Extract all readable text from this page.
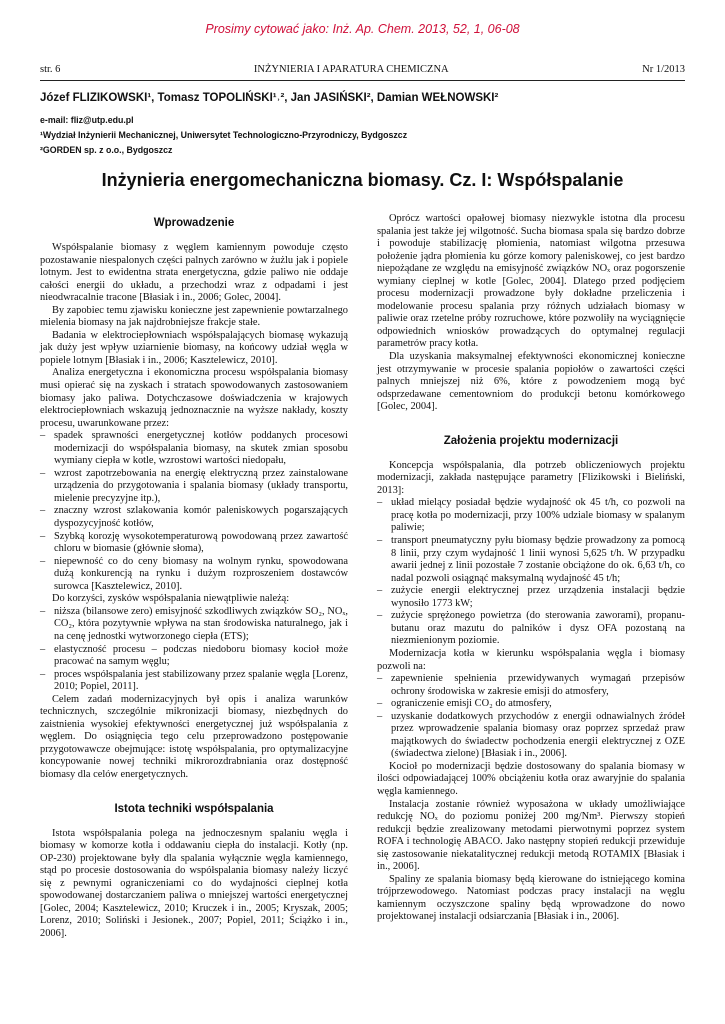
Prosimy cytować jako: Inż. Ap. Chem. 2013, 52, 1, 06-08
str. 6	INŻYNIERIA I APARATURA CHEMICZNA	Nr 1/2013
Józef FLIZIKOWSKI¹, Tomasz TOPOLIŃSKI¹˒², Jan JASIŃSKI², Damian WEŁNOWSKI²
e-mail: fliz@utp.edu.pl
¹Wydział Inżynierii Mechanicznej, Uniwersytet Technologiczno-Przyrodniczy, Bydgoszcz
²GORDEN sp. z o.o., Bydgoszcz
Inżynieria energomechaniczna biomasy. Cz. I: Współspalanie
Wprowadzenie

Współspalanie biomasy z węglem kamiennym powoduje często pozostawanie niespalonych części palnych zarówno w żużlu jak i popiele lotnym. Jest to ewidentna strata energetyczna, gdzie paliwo nie oddaje całości energii do układu, a przechodzi wraz z odpadami i jest nieodwracalnie tracone [Błasiak i in., 2006; Golec, 2004].

By zapobiec temu zjawisku konieczne jest zapewnienie powtarzalnego mielenia biomasy na jak najdrobniejsze frakcje stałe.

Badania w elektrociepłowniach współspalających biomasę wykazują jak duży jest wpływ uziarnienie biomasy, na końcowy udział węgla w popiele lotnym [Błasiak i in., 2006; Kasztelewicz, 2010].

Analiza energetyczna i ekonomiczna procesu współspalania biomasy musi opierać się na zyskach i stratach spowodowanych zastosowaniem biomasy jako paliwa. Dotychczasowe doświadczenia w krajowych elektrociepłowniach wskazują jednoznacznie na wyższe nakłady, koszty procesu, uwarunkowane przez:

– spadek sprawności energetycznej kotłów poddanych procesowi modernizacji do współspalania biomasy, na skutek zmian sposobu wymiany ciepła w kotle, wzrostowi wartości niedopału,
– wzrost zapotrzebowania na energię elektryczną przez zainstalowane urządzenia do przygotowania i spalania biomasy (układy transportu, mielenie precyzyjne itp.),
– znaczny wzrost szlakowania komór paleniskowych pogarszających dyspozycyjność kotłów,
– Szybką korozję wysokotemperaturową powodowaną przez zawartość chloru w biomasie (głównie słoma),
– niepewność co do ceny biomasy na wolnym rynku, spowodowana dużą konkurencją na rynku i dużym rozproszeniem dostawców surowca [Kasztelewicz, 2010].

Do korzyści, zysków współspalania niewątpliwie należą:

– niższa (bilansowe zero) emisyjność szkodliwych związków SO₂, NOₓ, CO₂, która pozytywnie wpływa na stan środowiska naturalnego, jak i na cenę jednostki wytworzonego ciepła (ETS);
– elastyczność procesu – podczas niedoboru biomasy kocioł może pracować na samym węglu;
– proces współspalania jest stabilizowany przez spalanie węgla [Lorenz, 2010; Popiel, 2011].

Celem zadań modernizacyjnych był opis i analiza warunków technicznych, szczególnie mikronizacji biomasy, niezbędnych do zaistnienia wysokiej efektywności energetycznej już współspalania z węglem. Do osiągnięcia tego celu przeprowadzono postępowanie przygotowawcze obejmujące: istotę współspalania, pro optymalizacyjne koncypowanie nowej techniki mikrorozdrabniania oraz dostępność biomasy dla celów energetycznych.

Istota techniki współspalania

Istota współspalania polega na jednoczesnym spalaniu węgla i biomasy w komorze kotła i oddawaniu ciepła do instalacji. Kotły (np. OP-230) projektowane były dla spalania wyłącznie węgla kamiennego, stąd po procesie dostosowania do współspalania biomasy należy liczyć się z pewnymi ograniczeniami co do wydajności cieplnej kotła spowodowanej dostarczaniem paliwa o mniejszej wartości energetycznej [Golec, 2004; Kasztelewicz, 2010; Kruczek i in., 2005; Kryszak, 2005; Lorenz, 2010; Soliński i Jesionek., 2007; Popiel, 2011; Ściążko i in., 2006].

Oprócz wartości opałowej biomasy niezwykle istotna dla procesu spalania jest także jej wilgotność. Sucha biomasa spala się bardzo dobrze i powoduje stabilizację płomienia, natomiast wilgotna przesuwa położenie jądra płomienia ku górze komory paleniskowej, co jest bardzo niepożądane ze względu na emisyjność związków NOₓ oraz pogorszenie wymiany cieplnej w kotle [Golec, 2004]. Dlatego przed podjęciem procesu modernizacji prowadzone były dokładne przeliczenia i modelowanie procesu spalania przy różnych udziałach biomasy w paliwie oraz rzetelne próby rozruchowe, które pozwoliły na wyciągnięcie odpowiednich wniosków prowadzących do optymalnej regulacji parametrów pracy kotła.

Dla uzyskania maksymalnej efektywności ekonomicznej konieczne jest otrzymywanie w procesie spalania popiołów o zawartości części palnych mniejszej niż 6%, które z powodzeniem mogą być odsprzedawane cementowniom do produkcji betonu komórkowego [Golec, 2004].

Założenia projektu modernizacji

Koncepcja współspalania, dla potrzeb obliczeniowych projektu modernizacji, zakłada następujące parametry [Flizikowski i Bieliński, 2013]:

– układ mielący posiadał będzie wydajność ok 45 t/h, co pozwoli na pracę kotła po modernizacji, przy 100% udziale biomasy w spalanym paliwie;
– transport pneumatyczny pyłu biomasy będzie prowadzony za pomocą 8 linii, przy czym wydajność 1 linii wynosi 5,625 t/h. W przypadku awarii jednej z linii pozostałe 7 zostanie obciążone do ok. 6,63 t/h, co nadal pozwoli osiągnąć maksymalną wydajność 45 t/h;
– zużycie energii elektrycznej przez urządzenia instalacji będzie wynosiło 1773 kW;
– zużycie sprężonego powietrza (do sterowania zaworami), propanu-butanu oraz mazutu do palników i dysz OFA pozostaną na niezmienionym poziomie.

Modernizacja kotła w kierunku współspalania węgla i biomasy pozwoli na:

– zapewnienie spełnienia przewidywanych wymagań przepisów ochrony środowiska w zakresie emisji do atmosfery,
– ograniczenie emisji CO₂ do atmosfery,
– uzyskanie dodatkowych przychodów z energii odnawialnych źródeł przez wprowadzenie spalania biomasy oraz poprzez sprzedaż praw majątkowych do świadectw pochodzenia energii elektrycznej z OZE (świadectwa zielone) [Błasiak i in., 2006].

Kocioł po modernizacji będzie dostosowany do spalania biomasy w ilości odpowiadającej 100% obciążeniu kotła oraz awaryjnie do spalania węgla kamiennego.

Instalacja zostanie również wyposażona w układy umożliwiające redukcję NOₓ do poziomu poniżej 200 mg/Nm³. Pierwszy stopień redukcji będzie zrealizowany metodami pierwotnymi poprzez system ROFA i technologię ABACO. Jako następny stopień redukcji przewiduje się zastosowanie niekatalitycznej redukcji metodą ROTAMIX [Błasiak i in., 2006].

Spaliny ze spalania biomasy będą kierowane do istniejącego komina trójprzewodowego. Natomiast podczas pracy instalacji na węglu kamiennym oczyszczone spaliny będą wprowadzone do nowo projektowanej instalacji odsiarczania [Błasiak i in., 2006].
